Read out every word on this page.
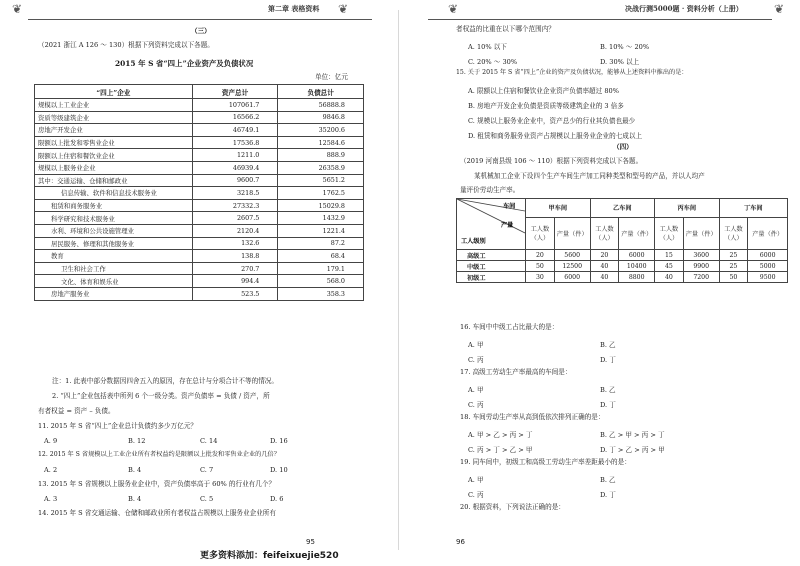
❦	❦
第二章 表格资料
（三）
（2021 浙江 A 126 ～ 130）根据下列资料完成以下各题。
2015 年 S 省“四上”企业资产及负债状况
单位：亿元
“四上”企业	资产总计	负债总计
规模以上工业企业	107061.7	56888.8
资质等级建筑企业	16566.2	9846.8
房地产开发企业	46749.1	35200.6
限额以上批发和零售业企业	17536.8	12584.6
限额以上住宿和餐饮业企业	1211.0	888.9
规模以上服务业企业	46939.4	26358.9
其中：交通运输、仓储和邮政业	9600.7	5651.2
信息传输、软件和信息技术服务业	3218.5	1762.5
租赁和商务服务业	27332.3	15029.8
科学研究和技术服务业	2607.5	1432.9
水利、环境和公共设施管理业	2120.4	1221.4
居民服务、修理和其他服务业	132.6	87.2
教育	138.8	68.4
卫生和社会工作	270.7	179.1
文化、体育和娱乐业	994.4	568.0
房地产服务业	523.5	358.3
注：1. 此表中部分数据因四舍五入的原因，存在总计与分项合计不等的情况。
2. “四上”企业包括表中所列 6 个一级分类。资产负债率 = 负债 / 资产，所
有者权益 = 资产 – 负债。
11. 2015 年 S 省“四上”企业总计负债约多少万亿元？
A. 9	B. 12	C. 14	D. 16
12. 2015 年 S 省规模以上工业企业所有者权益约是限额以上批发和零售业企业的几倍？
A. 2	B. 4	C. 7	D. 10
13. 2015 年 S 省规模以上服务业企业中，资产负债率高于 60% 的行业有几个？
A. 3	B. 4	C. 5	D. 6
14. 2015 年 S 省交通运输、仓储和邮政业所有者权益占规模以上服务业企业所有
95
❦	❦
决战行测5000题 · 资料分析（上册）
者权益的比重在以下哪个范围内？
A. 10% 以下	B. 10% ～ 20%
C. 20% ～ 30%	D. 30% 以上
15. 关于 2015 年 S 省“四上”企业的资产及负债状况，能够从上述资料中推出的是：
A. 限额以上住宿和餐饮业企业资产负债率超过 80%
B. 房地产开发企业负债是资质等级建筑企业的 3 倍多
C. 规模以上服务业企业中，资产总少的行业其负债也最少
D. 租赁和商务服务业资产占规模以上服务业企业的七成以上
（四）
（2019 河南县级 106 ～ 110）根据下列资料完成以下各题。
某机械加工企业下设四个生产车间生产加工同种类型和型号的产品，并以人均产
量评价劳动生产率。
车间
产量
工人级别	甲车间		乙车间		丙车间		丁车间	
	工人数（人）	产量（件）	工人数（人）	产量（件）	工人数（人）	产量（件）	工人数（人）	产量（件）
高级工	20	5600	20	6000	15	3600	25	6000
中级工	50	12500	40	10400	45	9900	25	5000
初级工	30	6000	40	8800	40	7200	50	9500
16. 车间中中级工占比最大的是：
A. 甲	B. 乙
C. 丙	D. 丁
17. 高级工劳动生产率最高的车间是：
A. 甲	B. 乙
C. 丙	D. 丁
18. 车间劳动生产率从高到低依次排列正确的是：
A. 甲 > 乙 > 丙 > 丁	B. 乙 > 甲 > 丙 > 丁
C. 丙 > 丁 > 乙 > 甲	D. 丁 > 乙 > 丙 > 甲
19. 同车间中，初级工和高级工劳动生产率差距最小的是：
A. 甲	B. 乙
C. 丙	D. 丁
20. 根据资料，下列说法正确的是：
96
更多资料添加：feifeixuejie520
